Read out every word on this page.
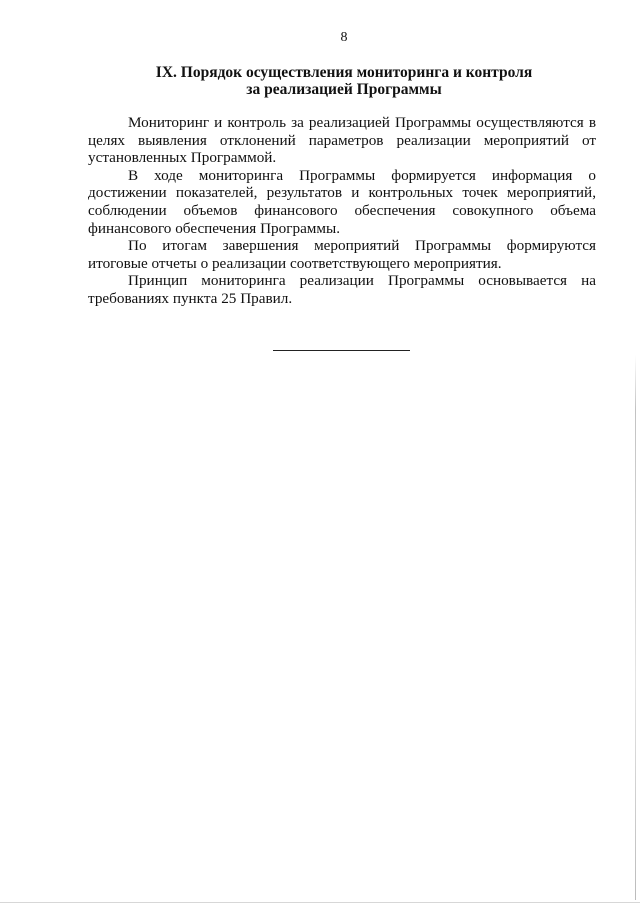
8
IX. Порядок осуществления мониторинга и контроля
за реализацией Программы

Мониторинг и контроль за реализацией Программы осуществляются в целях выявления отклонений параметров реализации мероприятий от установленных Программой.

В ходе мониторинга Программы формируется информация о достижении показателей, результатов и контрольных точек мероприятий, соблюдении объемов финансового обеспечения совокупного объема финансового обеспечения Программы.

По итогам завершения мероприятий Программы формируются итоговые отчеты о реализации соответствующего мероприятия.

Принцип мониторинга реализации Программы основывается на требованиях пункта 25 Правил.
